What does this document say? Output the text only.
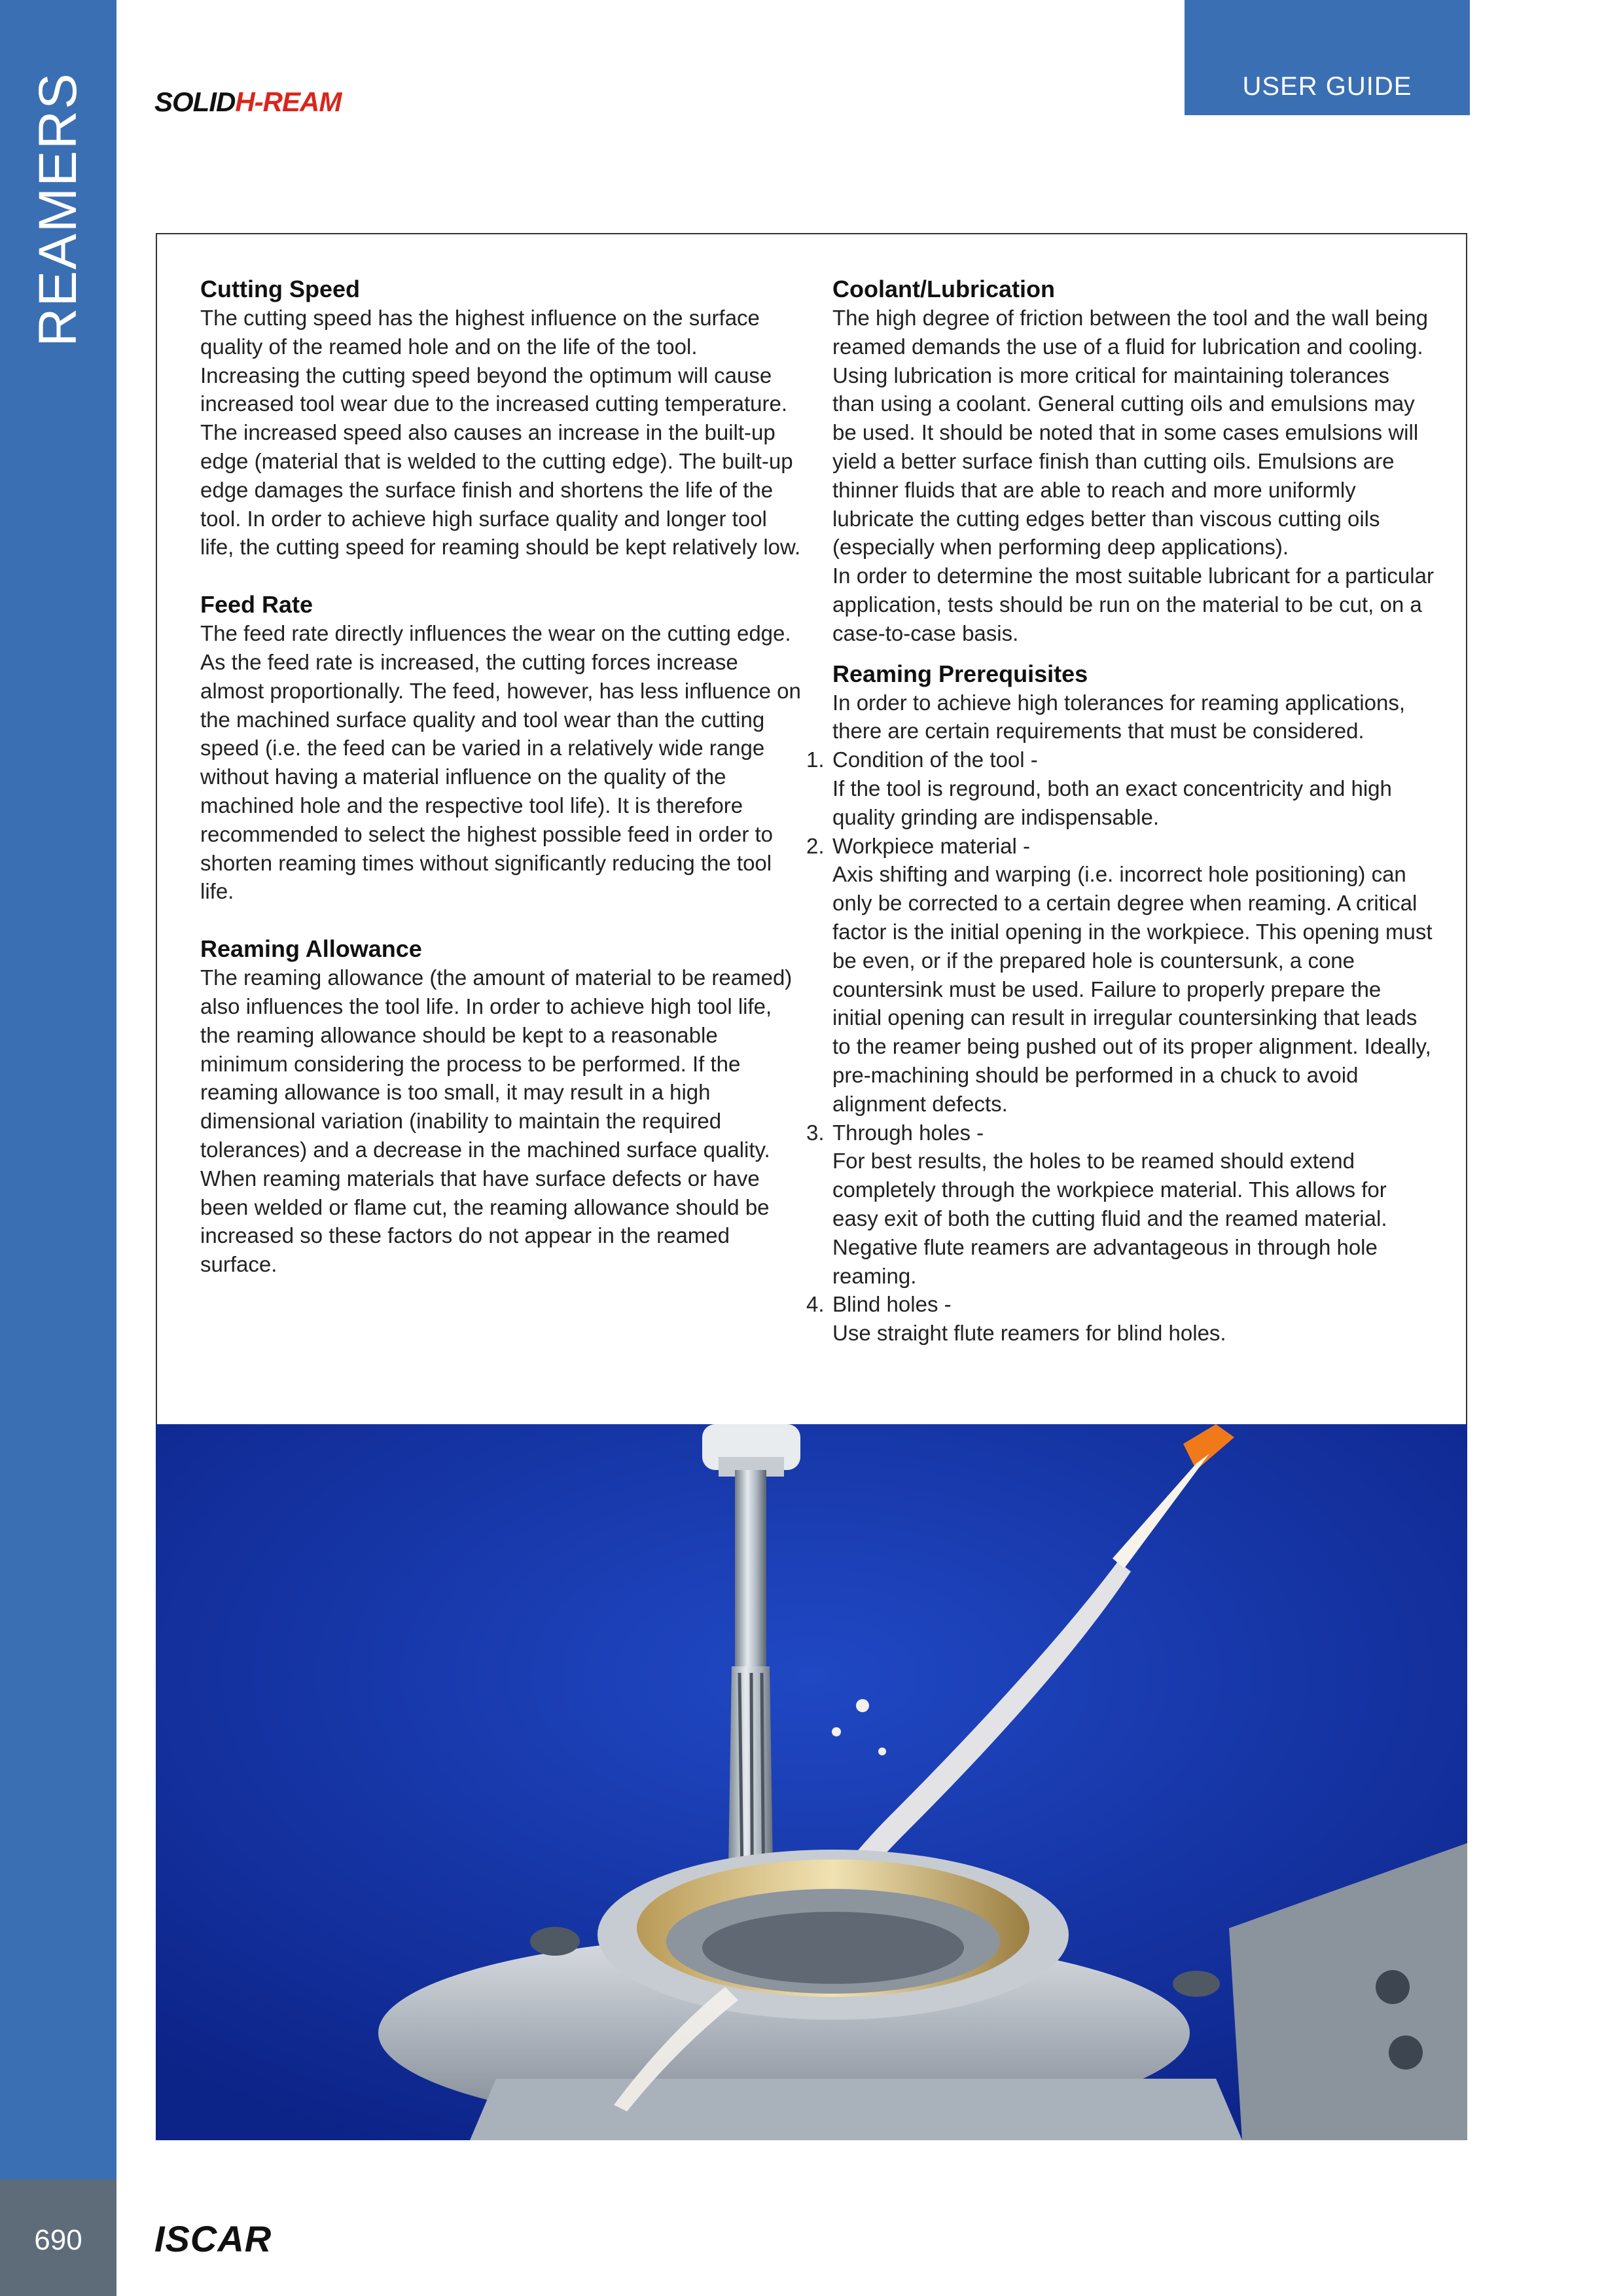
REAMERS
690
SOLIDH-REAM	USER GUIDE
Cutting Speed

The cutting speed has the highest influence on the surface quality of the reamed hole and on the life of the tool. Increasing the cutting speed beyond the optimum will cause increased tool wear due to the increased cutting temperature.

The increased speed also causes an increase in the built-up edge (material that is welded to the cutting edge). The built-up edge damages the surface finish and shortens the life of the tool. In order to achieve high surface quality and longer tool life, the cutting speed for reaming should be kept relatively low.

Feed Rate

The feed rate directly influences the wear on the cutting edge. As the feed rate is increased, the cutting forces increase almost proportionally. The feed, however, has less influence on the machined surface quality and tool wear than the cutting speed (i.e. the feed can be varied in a relatively wide range without having a material influence on the quality of the machined hole and the respective tool life). It is therefore recommended to select the highest possible feed in order to shorten reaming times without significantly reducing the tool life.

Reaming Allowance

The reaming allowance (the amount of material to be reamed) also influences the tool life. In order to achieve high tool life, the reaming allowance should be kept to a reasonable minimum considering the process to be performed. If the reaming allowance is too small, it may result in a high dimensional variation (inability to maintain the required tolerances) and a decrease in the machined surface quality.

When reaming materials that have surface defects or have been welded or flame cut, the reaming allowance should be increased so these factors do not appear in the reamed surface.

Coolant/Lubrication

The high degree of friction between the tool and the wall being reamed demands the use of a fluid for lubrication and cooling. Using lubrication is more critical for maintaining tolerances than using a coolant. General cutting oils and emulsions may be used. It should be noted that in some cases emulsions will yield a better surface finish than cutting oils. Emulsions are thinner fluids that are able to reach and more uniformly lubricate the cutting edges better than viscous cutting oils (especially when performing deep applications).

In order to determine the most suitable lubricant for a particular application, tests should be run on the material to be cut, on a case-to-case basis.

Reaming Prerequisites

In order to achieve high tolerances for reaming applications, there are certain requirements that must be considered.

1. Condition of the tool -

If the tool is reground, both an exact concentricity and high quality grinding are indispensable.

2. Workpiece material -

Axis shifting and warping (i.e. incorrect hole positioning) can only be corrected to a certain degree when reaming. A critical factor is the initial opening in the workpiece. This opening must be even, or if the prepared hole is countersunk, a cone countersink must be used. Failure to properly prepare the initial opening can result in irregular countersinking that leads to the reamer being pushed out of its proper alignment. Ideally, pre-machining should be performed in a chuck to avoid alignment defects.

3. Through holes -

For best results, the holes to be reamed should extend completely through the workpiece material. This allows for easy exit of both the cutting fluid and the reamed material. Negative flute reamers are advantageous in through hole reaming.

4. Blind holes -

Use straight flute reamers for blind holes.

ISCAR
